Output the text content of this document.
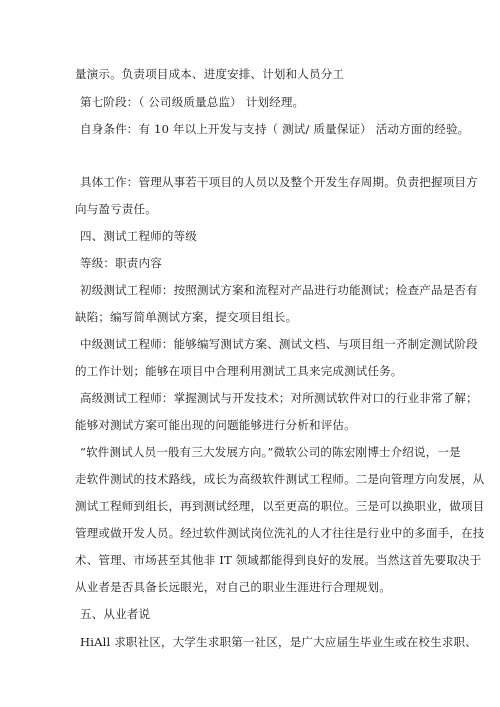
量演示。负责项目成本、进度安排、计划和人员分工
第七阶段：（ 公司级质量总监） 计划经理。
自身条件：有 10 年以上开发与支持（ 测试/ 质量保证） 活动方面的经验。
具体工作：管理从事若干项目的人员以及整个开发生存周期。负责把握项目方
向与盈亏责任。
四、测试工程师的等级
等级：职责内容
初级测试工程师：按照测试方案和流程对产品进行功能测试；检查产品是否有
缺陷；编写简单测试方案，提交项目组长。
中级测试工程师：能够编写测试方案、测试文档、与项目组一齐制定测试阶段
的工作计划；能够在项目中合理利用测试工具来完成测试任务。
高级测试工程师：掌握测试与开发技术；对所测试软件对口的行业非常了解；
能够对测试方案可能出现的问题能够进行分析和评估。
“软件测试人员一般有三大发展方向。”微软公司的陈宏刚博士介绍说，一是
走软件测试的技术路线，成长为高级软件测试工程师。二是向管理方向发展，从
测试工程师到组长，再到测试经理，以至更高的职位。三是可以换职业，做项目
管理或做开发人员。经过软件测试岗位洗礼的人才往往是行业中的多面手，在技
术、管理、市场甚至其他非 IT 领域都能得到良好的发展。当然这首先要取决于
从业者是否具备长远眼光，对自己的职业生涯进行合理规划。
五、从业者说
HiAll 求职社区，大学生求职第一社区，是广大应届生毕业生或在校生求职、
